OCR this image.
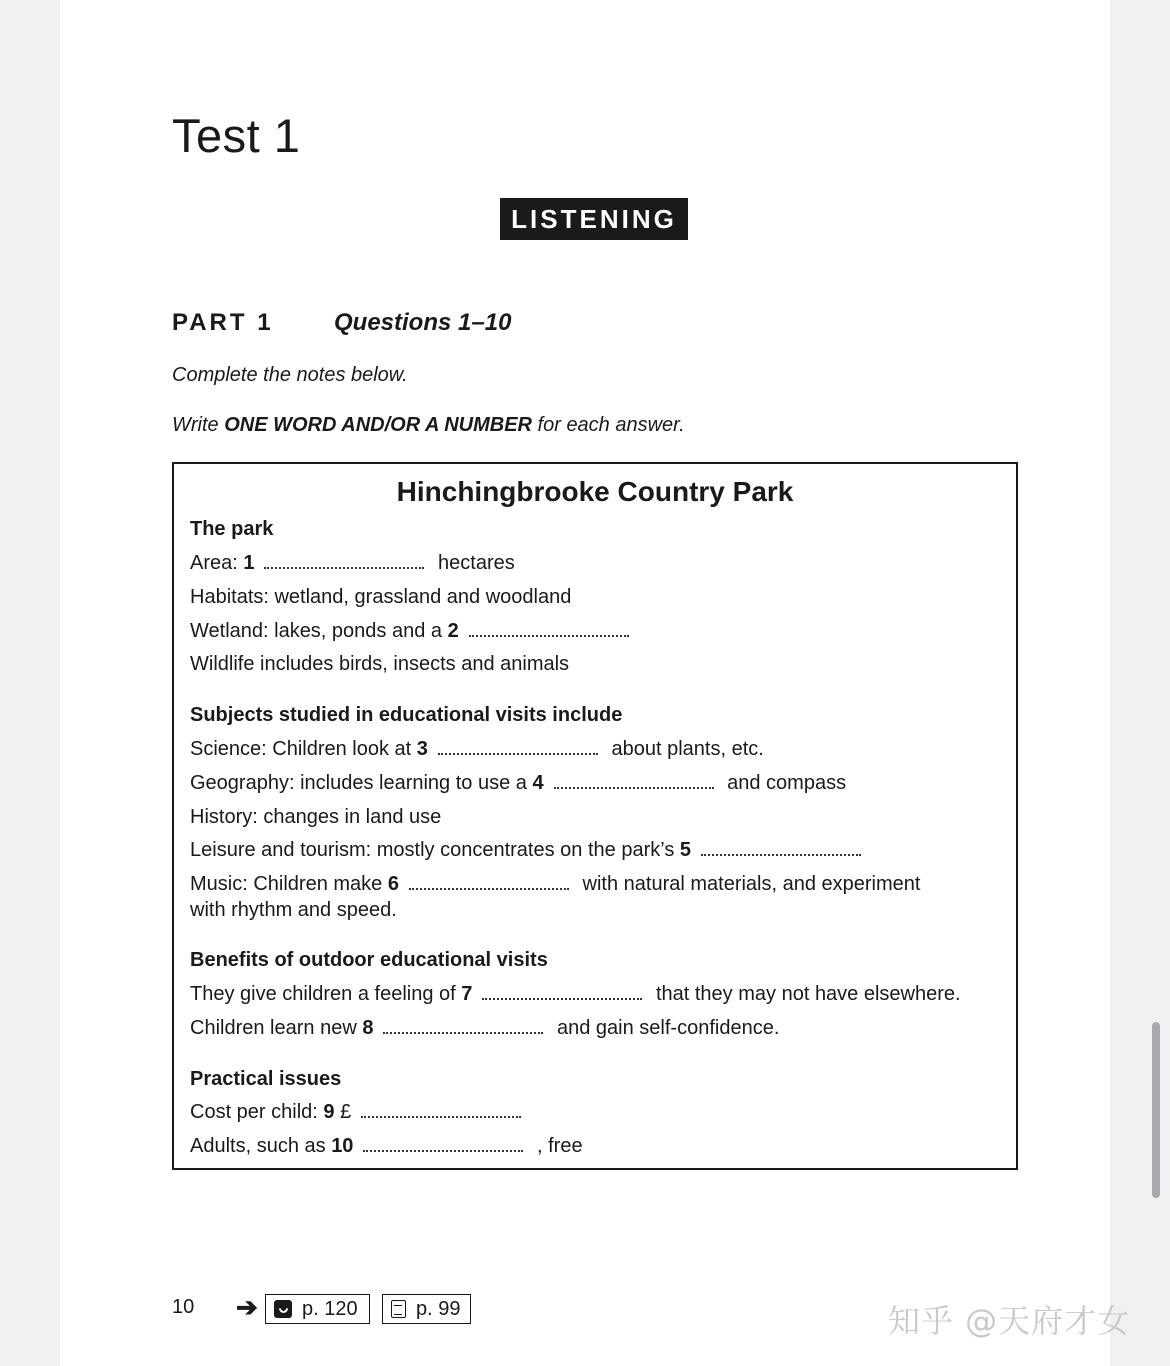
Test 1
LISTENING
PART 1	Questions 1–10
Complete the notes below.
Write ONE WORD AND/OR A NUMBER for each answer.
Hinchingbrooke Country Park
The park
Area: 1	hectares
Habitats: wetland, grassland and woodland
Wetland: lakes, ponds and a 2
Wildlife includes birds, insects and animals
Subjects studied in educational visits include
Science: Children look at 3	about plants, etc.
Geography: includes learning to use a 4	and compass
History: changes in land use
Leisure and tourism: mostly concentrates on the park’s 5
Music: Children make 6	with natural materials, and experiment
with rhythm and speed.
Benefits of outdoor educational visits
They give children a feeling of 7	that they may not have elsewhere.
Children learn new 8	and gain self-confidence.
Practical issues
Cost per child: 9 £
Adults, such as 10	, free
10 ➔ p. 120	p. 99	知乎 @天府才女
